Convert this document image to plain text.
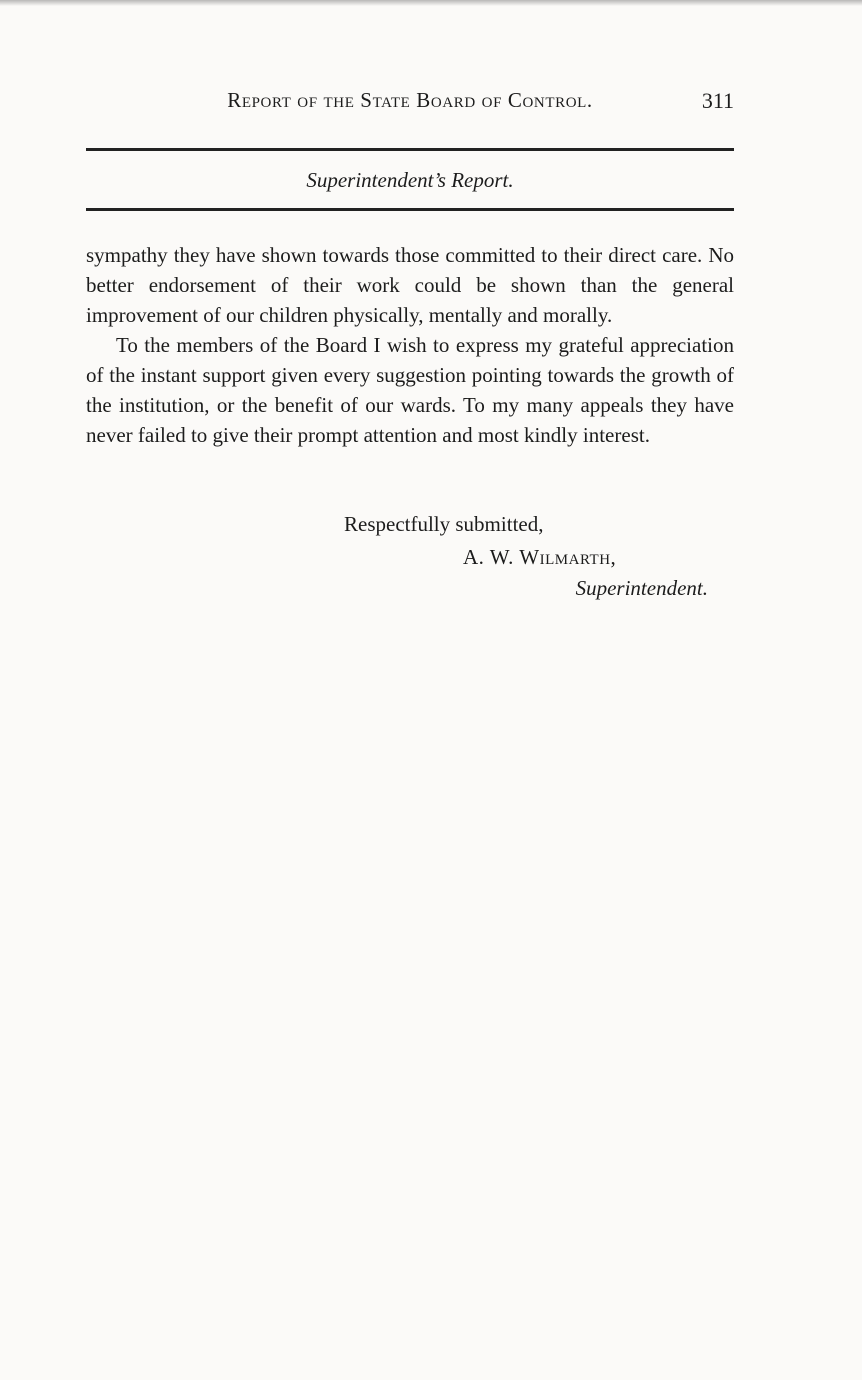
Report of the State Board of Control.	311
Superintendent’s Report.

sympathy they have shown towards those committed to their direct care. No better endorsement of their work could be shown than the general improvement of our children physically, mentally and morally.

To the members of the Board I wish to express my grateful appreciation of the instant support given every suggestion pointing towards the growth of the institution, or the benefit of our wards. To my many appeals they have never failed to give their prompt attention and most kindly interest.

Respectfully submitted,
A. W. Wilmarth,
Superintendent.
